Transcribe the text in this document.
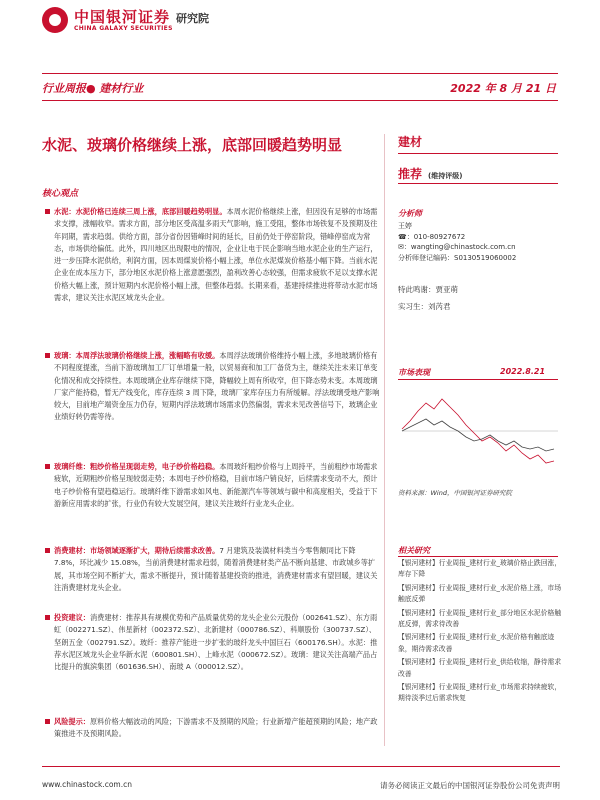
中国银河证券 研究院
CHINA GALAXY SECURITIES
行业周报● 建材行业	2022 年 8 月 21 日
水泥、玻璃价格继续上涨，底部回暖趋势明显
核心观点
水泥：水泥价格已连续三周上涨，底部回暖趋势明显。本周水泥价格继续上涨，但因没有足够的市场需求支撑，涨幅收窄。需求方面，部分地区受高温多雨天气影响，施工受阻，整体市场铁复不及预期及往年同期，需求趋弱。供给方面，部分省份因错峰时间的延长，目前仍处于停窑阶段，错峰停窑成为常态，市场供给偏低。此外，四川地区出现限电的情况，企业让电于民企影响当地水泥企业的生产运行，进一步压降水泥供给，利润方面，因本周煤炭价格小幅上涨，单位水泥煤炭价格基小幅下降。当前水泥企业在成本压力下，部分地区水泥价格上涨意愿强烈，盈利改善心态较强，但需求疲软不足以支撑水泥价格大幅上涨，预计短期内水泥价格小幅上涨，但整体趋弱。长期来看，基建持续推进将带动水泥市场需求，建议关注水泥区域龙头企业。
玻璃：本周浮法玻璃价格继续上涨，涨幅略有收缓。本周浮法玻璃价格维持小幅上涨，多地玻璃价格有不同程度提涨，当前下游玻璃加工厂订单增量一般，以贸易商和加工厂备货为主，继续关注未来订单变化情况和成交持续性。本周玻璃企业库存继续下降，降幅较上周有所收窄，但下降态势未变。本周玻璃厂家产能持稳，暂无产线变化，库存连续 3 周下降，玻璃厂家库存压力有所缓解。浮法玻璃受地产影响较大，目前地产端资金压力仍存，短期内浮法玻璃市场需求仍然偏弱，需求未见改善信号下，玻璃企业业绩好转仍需等待。
玻璃纤维：粗纱价格呈现弱走势，电子纱价格趋稳。本周玻纤粗纱价格与上周持平，当前粗纱市场需求疲软，近期粗纱价格呈现较弱走势；本周电子纱价格稳，目前市场户销良好，后续需求变动不大，预计电子纱价格有望趋稳运行。玻璃纤维下游需求如风电、新能源汽车等领域与碳中和高度相关，受益于下游新应用需求的扩张，行业仍有较大发展空间，建议关注玻纤行业龙头企业。
消费建材：市场领域逐渐扩大，期待后续需求改善。7 月建筑及装潢材料类当今零售额同比下降 7.8%，环比减少 15.08%，当前消费建材需求趋弱，随着消费建材类产品不断向基建、市政城乡等扩展，其市场空间不断扩大，需求不断提升，预计随着基建投资的推进，消费建材需求有望回暖，建议关注消费建材龙头企业。
投资建议：消费建材：推荐具有规模优势和产品质量优势的龙头企业公元股份（002641.SZ）、东方雨虹（002271.SZ）、伟星新材（002372.SZ）、北新建材（000786.SZ）、科顺股份（300737.SZ）、坚朗五金（002791.SZ）。玻纤：推荐产能进一步扩张的玻纤龙头中国巨石（600176.SH）。水泥：推荐水泥区域龙头企业华新水泥（600801.SH）、上峰水泥（000672.SZ）。玻璃：建议关注高端产品占比提升的旗滨集团（601636.SH）、南玻 A（000012.SZ）。
风险提示：原料价格大幅波动的风险；下游需求不及预期的风险；行业新增产能超预期的风险；地产政策推进不及预期风险。
建材
推荐 (维持评级)
分析师
王婷
☎：010-80927672
✉：wangting@chinastock.com.cn
分析师登记编码：S0130519060002
特此鸣谢：贾亚萌
实习生：刘芮君
市场表现	2022.8.21
资料来源：Wind，中国银河证券研究院
相关研究
【银河建材】行业周报_建材行业_玻璃价格止跌回涨，库存下降
【银河建材】行业周报_建材行业_水泥价格上涨，市场触底反弹
【银河建材】行业周报_建材行业_部分地区水泥价格触底反弹，需求待改善
【银河建材】行业周报_建材行业_水泥价格有触底迹象，期待需求改善
【银河建材】行业周报_建材行业_供给收缩，静待需求改善
【银河建材】行业周报_建材行业_市场需求持续疲软，期待淡季过后需求恢复
www.chinastock.com.cn	请务必阅读正文最后的中国银河证券股份公司免责声明
